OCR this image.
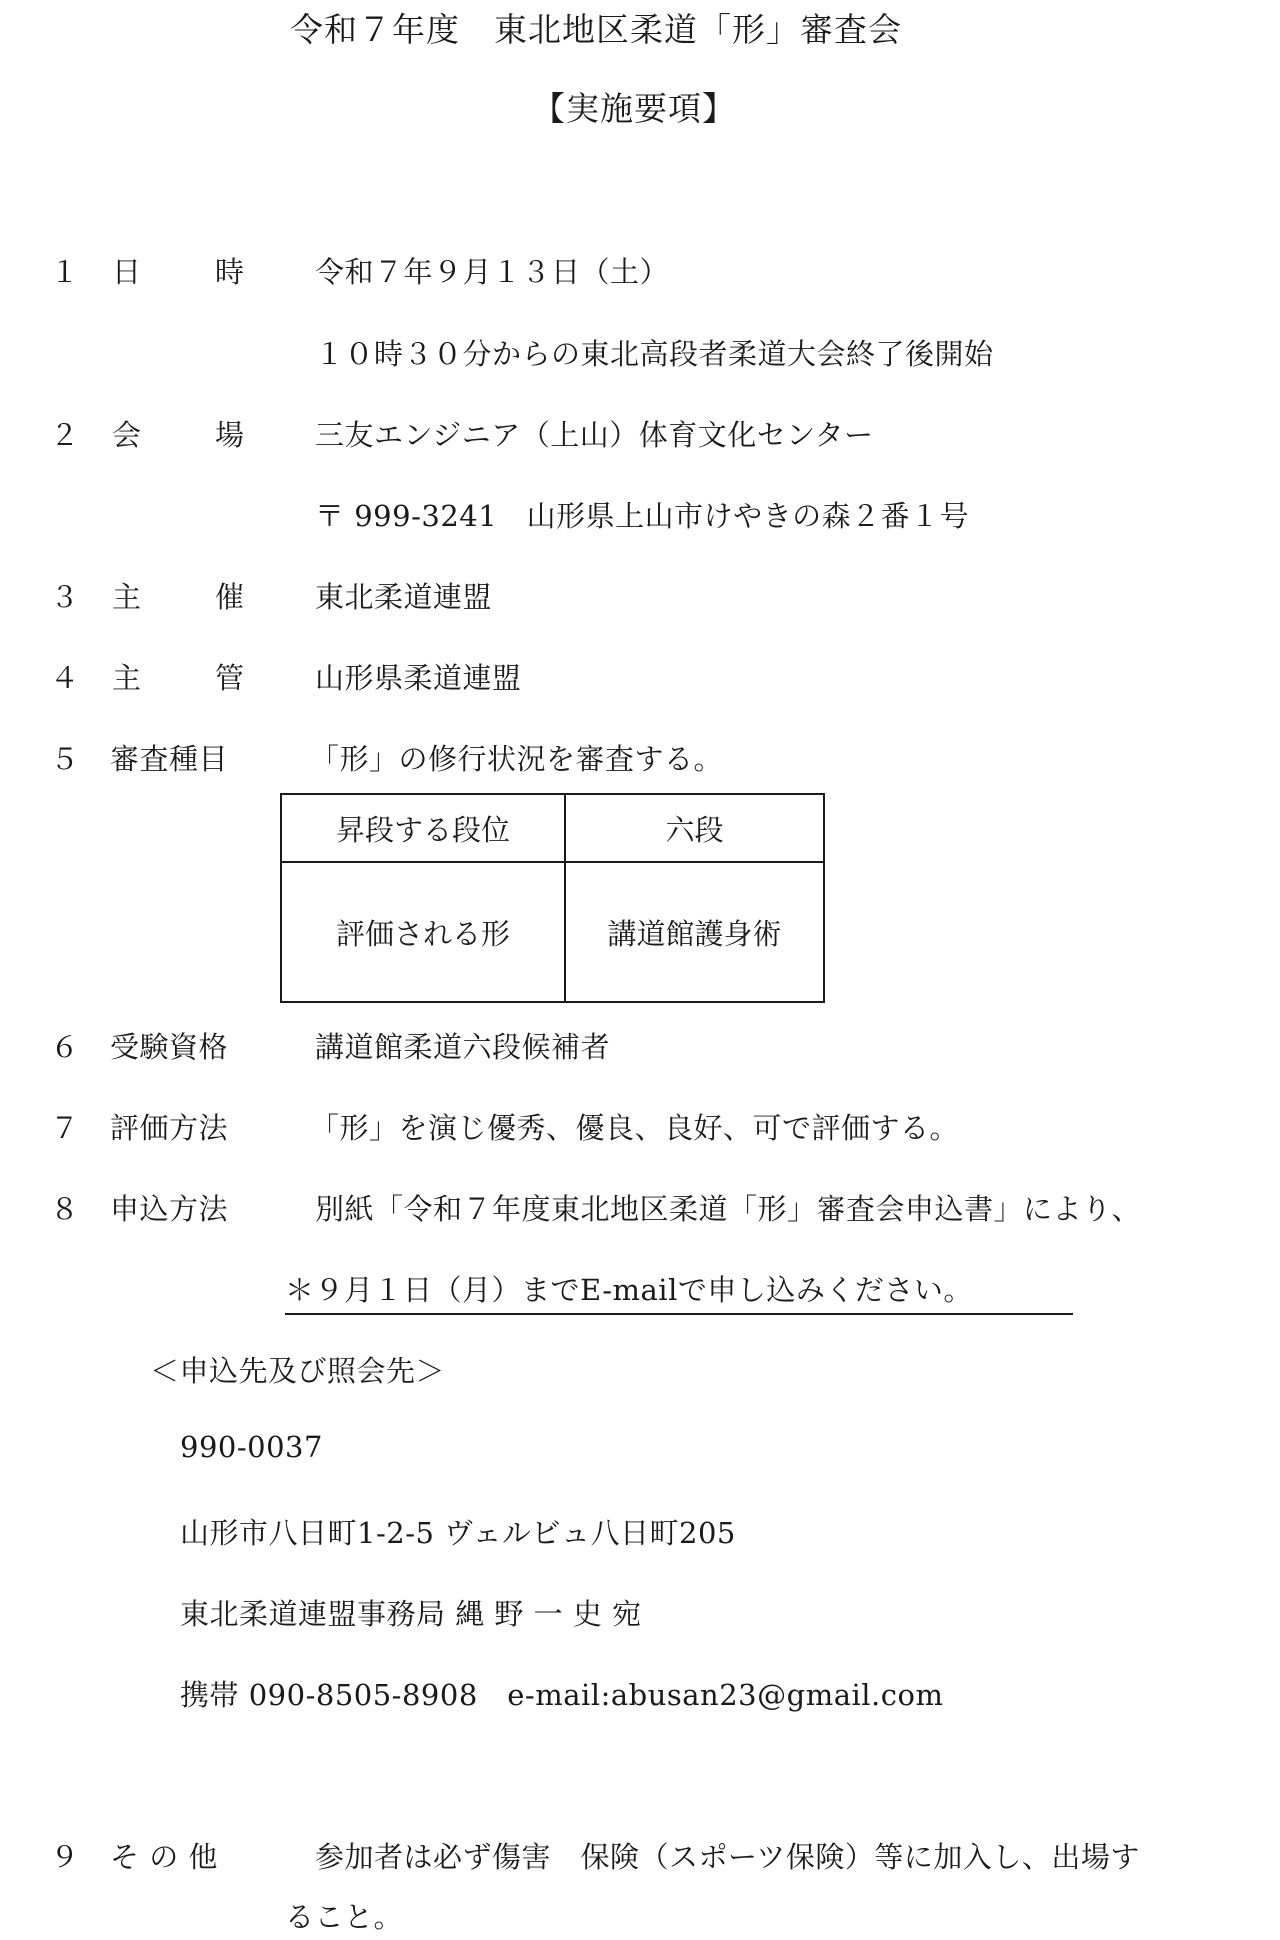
令和７年度　東北地区柔道「形」審査会
【実施要項】
１ 日	時 令和７年９月１３日（土）
１０時３０分からの東北高段者柔道大会終了後開始
２ 会	場 三友エンジニア（上山）体育文化センター
〒 999-3241　山形県上山市けやきの森２番１号
３ 主	催 東北柔道連盟
４ 主	管 山形県柔道連盟
５ 審査種目	「形」の修行状況を審査する。
昇段する段位	六段
評価される形	講道館護身術
６ 受験資格	講道館柔道六段候補者
７ 評価方法	「形」を演じ優秀、優良、良好、可で評価する。
８ 申込方法	別紙「令和７年度東北地区柔道「形」審査会申込書」により、
＊９月１日（月）までE-mailで申し込みください。
＜申込先及び照会先＞
990-0037
山形市八日町1-2-5 ヴェルビュ八日町205
東北柔道連盟事務局 縄 野 一 史 宛
携帯 090-8505-8908　e-mail:abusan23@gmail.com
９ そ の 他	参加者は必ず傷害　保険（スポーツ保険）等に加入し、出場す
ること。
